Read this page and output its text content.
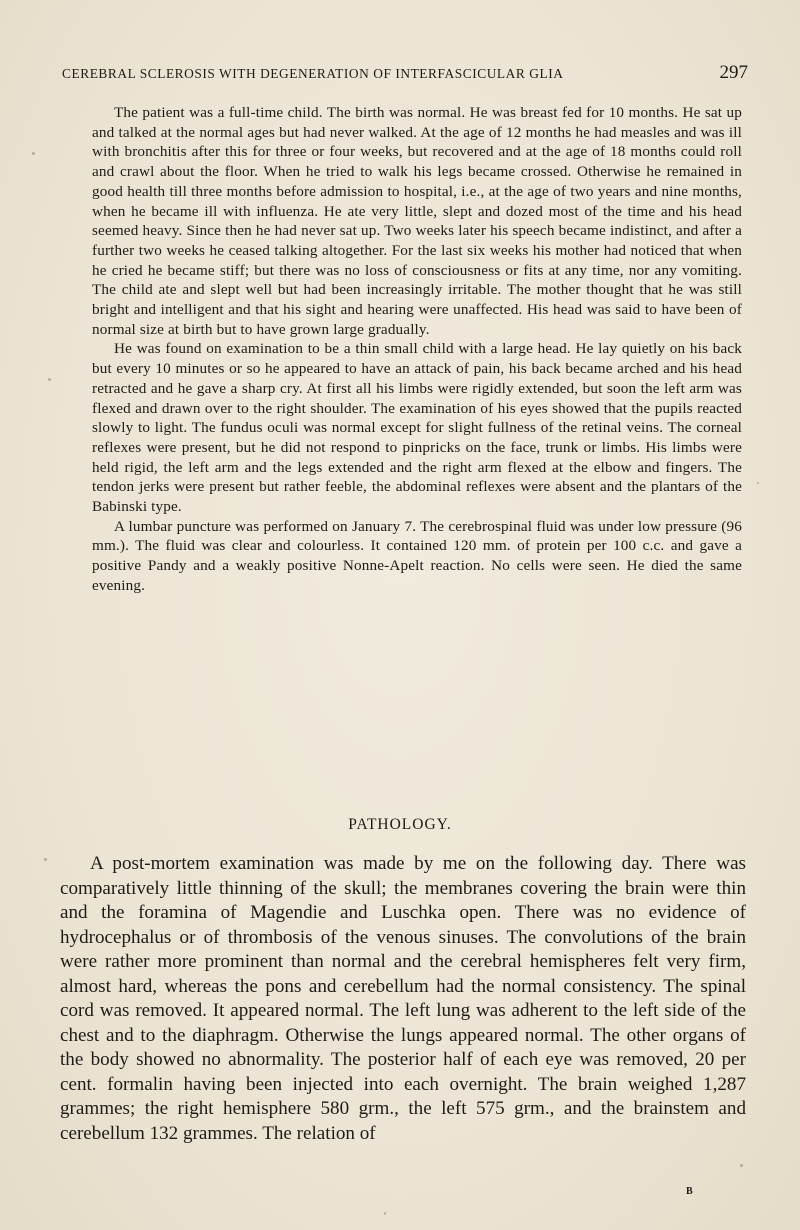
CEREBRAL SCLEROSIS WITH DEGENERATION OF INTERFASCICULAR GLIA	297

The patient was a full-time child. The birth was normal. He was breast fed for 10 months. He sat up and talked at the normal ages but had never walked. At the age of 12 months he had measles and was ill with bronchitis after this for three or four weeks, but recovered and at the age of 18 months could roll and crawl about the floor. When he tried to walk his legs became crossed. Otherwise he remained in good health till three months before admission to hospital, i.e., at the age of two years and nine months, when he became ill with influenza. He ate very little, slept and dozed most of the time and his head seemed heavy. Since then he had never sat up. Two weeks later his speech became indistinct, and after a further two weeks he ceased talking altogether. For the last six weeks his mother had noticed that when he cried he became stiff; but there was no loss of consciousness or fits at any time, nor any vomiting. The child ate and slept well but had been increasingly irritable. The mother thought that he was still bright and intelligent and that his sight and hearing were unaffected. His head was said to have been of normal size at birth but to have grown large gradually.

He was found on examination to be a thin small child with a large head. He lay quietly on his back but every 10 minutes or so he appeared to have an attack of pain, his back became arched and his head retracted and he gave a sharp cry. At first all his limbs were rigidly extended, but soon the left arm was flexed and drawn over to the right shoulder. The examination of his eyes showed that the pupils reacted slowly to light. The fundus oculi was normal except for slight fullness of the retinal veins. The corneal reflexes were present, but he did not respond to pinpricks on the face, trunk or limbs. His limbs were held rigid, the left arm and the legs extended and the right arm flexed at the elbow and fingers. The tendon jerks were present but rather feeble, the abdominal reflexes were absent and the plantars of the Babinski type.

A lumbar puncture was performed on January 7. The cerebrospinal fluid was under low pressure (96 mm.). The fluid was clear and colourless. It contained 120 mm. of protein per 100 c.c. and gave a positive Pandy and a weakly positive Nonne-Apelt reaction. No cells were seen. He died the same evening.

PATHOLOGY.

A post-mortem examination was made by me on the following day. There was comparatively little thinning of the skull; the membranes covering the brain were thin and the foramina of Magendie and Luschka open. There was no evidence of hydrocephalus or of thrombosis of the venous sinuses. The convolutions of the brain were rather more prominent than normal and the cerebral hemispheres felt very firm, almost hard, whereas the pons and cerebellum had the normal consistency. The spinal cord was removed. It appeared normal. The left lung was adherent to the left side of the chest and to the diaphragm. Otherwise the lungs appeared normal. The other organs of the body showed no abnormality. The posterior half of each eye was removed, 20 per cent. formalin having been injected into each overnight. The brain weighed 1,287 grammes; the right hemisphere 580 grm., the left 575 grm., and the brainstem and cerebellum 132 grammes. The relation of

B
